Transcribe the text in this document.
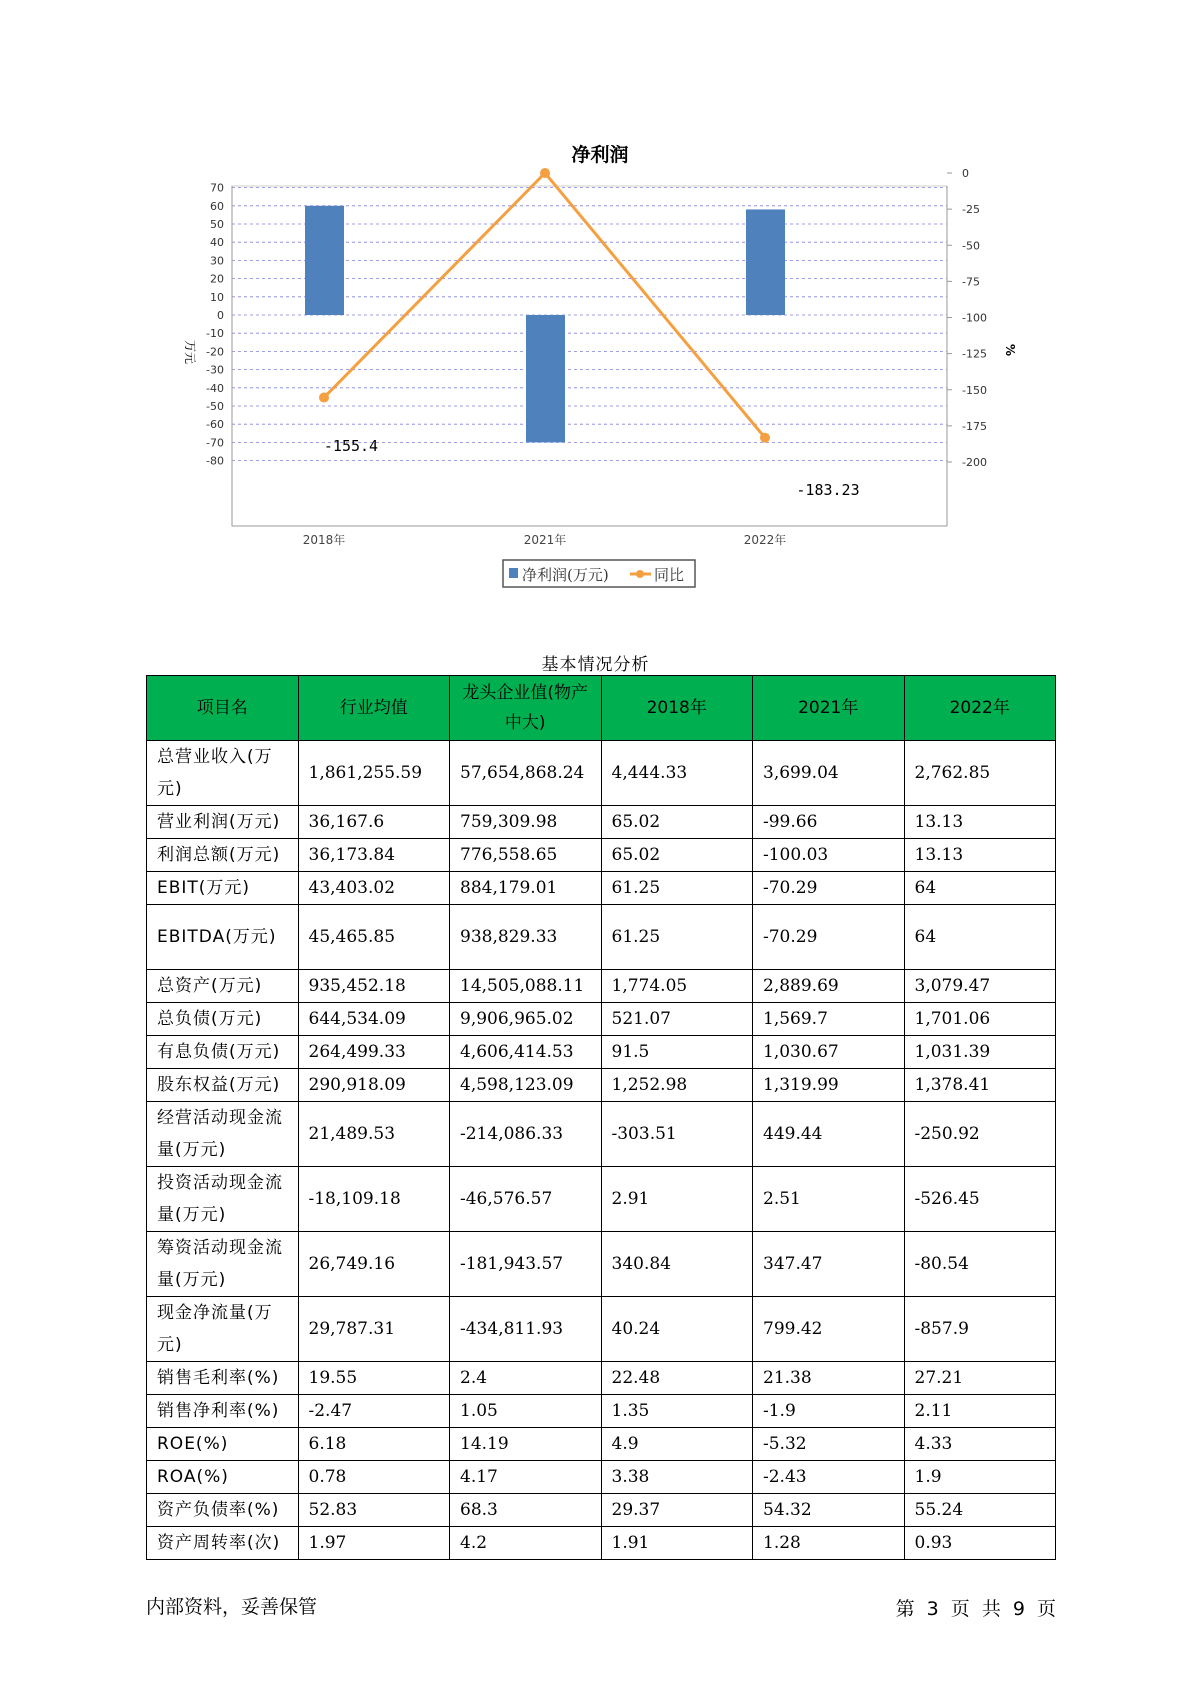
净利润
70
60
50
40
30
20
10
0
-10
-20
-30
-40
-50
-60
-70
-80
0
-25
-50
-75
-100
-125
-150
-175
-200
-155.4
-183.23
2018年	2021年	2022年
万元	%
净利润(万元)	同比
基本情况分析
项目名	行业均值	龙头企业值(物产中大)	2018年	2021年	2022年
总营业收入(万元)	1,861,255.59	57,654,868.24	4,444.33	3,699.04	2,762.85
营业利润(万元)	36,167.6	759,309.98	65.02	-99.66	13.13
利润总额(万元)	36,173.84	776,558.65	65.02	-100.03	13.13
EBIT(万元)	43,403.02	884,179.01	61.25	-70.29	64
EBITDA(万元)	45,465.85	938,829.33	61.25	-70.29	64
总资产(万元)	935,452.18	14,505,088.11	1,774.05	2,889.69	3,079.47
总负债(万元)	644,534.09	9,906,965.02	521.07	1,569.7	1,701.06
有息负债(万元)	264,499.33	4,606,414.53	91.5	1,030.67	1,031.39
股东权益(万元)	290,918.09	4,598,123.09	1,252.98	1,319.99	1,378.41
经营活动现金流量(万元)	21,489.53	-214,086.33	-303.51	449.44	-250.92
投资活动现金流量(万元)	-18,109.18	-46,576.57	2.91	2.51	-526.45
筹资活动现金流量(万元)	26,749.16	-181,943.57	340.84	347.47	-80.54
现金净流量(万元)	29,787.31	-434,811.93	40.24	799.42	-857.9
销售毛利率(%)	19.55	2.4	22.48	21.38	27.21
销售净利率(%)	-2.47	1.05	1.35	-1.9	2.11
ROE(%)	6.18	14.19	4.9	-5.32	4.33
ROA(%)	0.78	4.17	3.38	-2.43	1.9
资产负债率(%)	52.83	68.3	29.37	54.32	55.24
资产周转率(次)	1.97	4.2	1.91	1.28	0.93
内部资料，妥善保管	第 3 页 共 9 页
